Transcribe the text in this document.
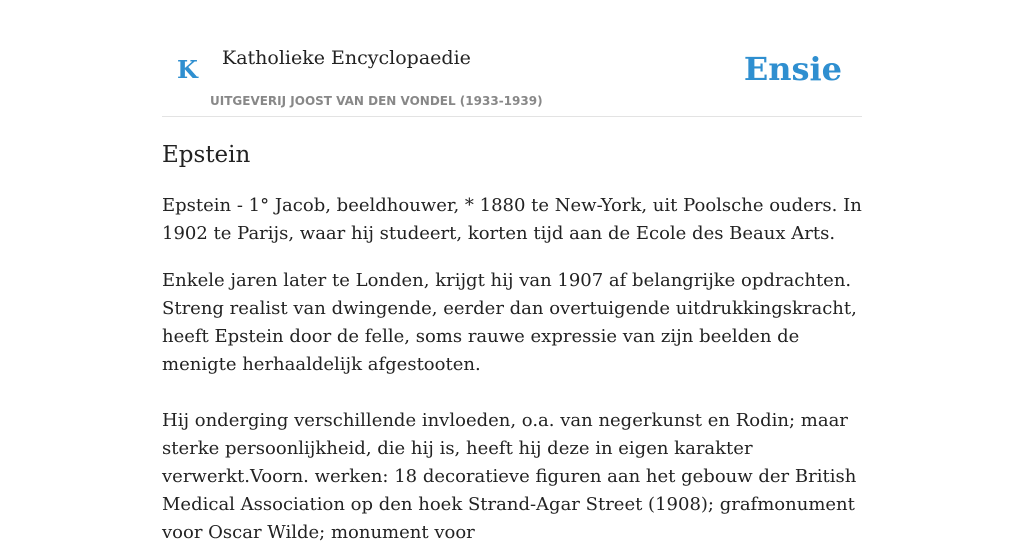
K Katholieke Encyclopaedie
UITGEVERIJ JOOST VAN DEN VONDEL (1933-1939)
Ensie
Epstein

Epstein - 1° Jacob, beeldhouwer, * 1880 te New-York, uit Poolsche ouders. In 1902 te Parijs, waar hij studeert, korten tijd aan de Ecole des Beaux Arts.

Enkele jaren later te Londen, krijgt hij van 1907 af belangrijke opdrachten. Streng realist van dwingende, eerder dan overtuigende uitdrukkingskracht, heeft Epstein door de felle, soms rauwe expressie van zijn beelden de menigte herhaaldelijk afgestooten.

Hij onderging verschillende invloeden, o.a. van negerkunst en Rodin; maar sterke persoonlijkheid, die hij is, heeft hij deze in eigen karakter verwerkt.Voorn. werken: 18 decoratieve figuren aan het gebouw der British Medical Association op den hoek Strand-Agar Street (1908); grafmonument voor Oscar Wilde; monument voor
